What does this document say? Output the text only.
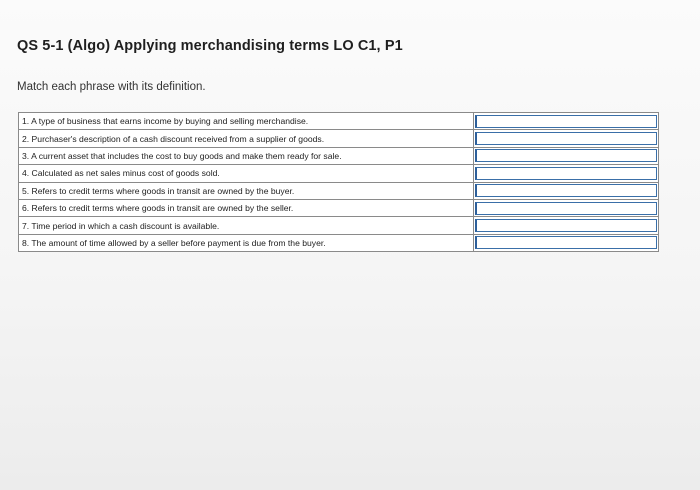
QS 5-1 (Algo) Applying merchandising terms LO C1, P1
Match each phrase with its definition.
1. A type of business that earns income by buying and selling merchandise.	

2. Purchaser's description of a cash discount received from a supplier of goods.	

3. A current asset that includes the cost to buy goods and make them ready for sale.	

4. Calculated as net sales minus cost of goods sold.	

5. Refers to credit terms where goods in transit are owned by the buyer.	

6. Refers to credit terms where goods in transit are owned by the seller.	

7. Time period in which a cash discount is available.	

8. The amount of time allowed by a seller before payment is due from the buyer.	
